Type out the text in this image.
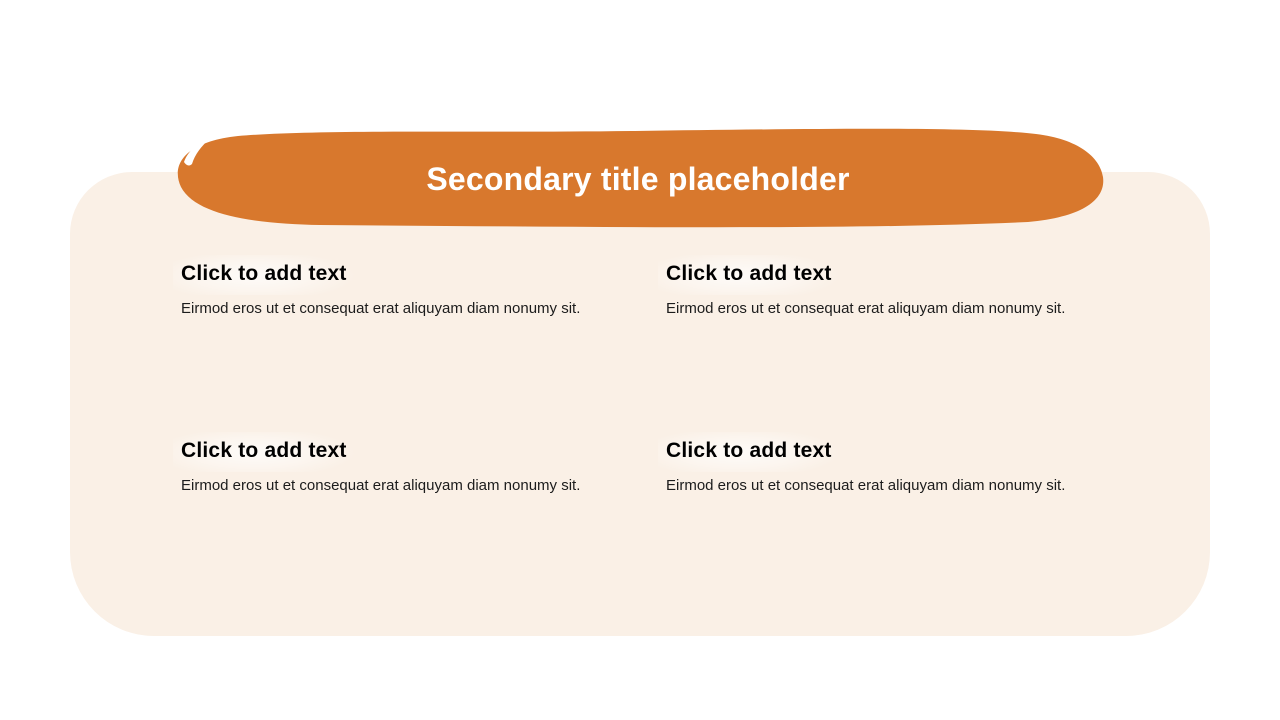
Click to add text

Eirmod eros ut et consequat erat aliquyam diam nonumy sit.

Click to add text

Eirmod eros ut et consequat erat aliquyam diam nonumy sit.

Click to add text

Eirmod eros ut et consequat erat aliquyam diam nonumy sit.

Click to add text

Eirmod eros ut et consequat erat aliquyam diam nonumy sit.

Secondary title placeholder
